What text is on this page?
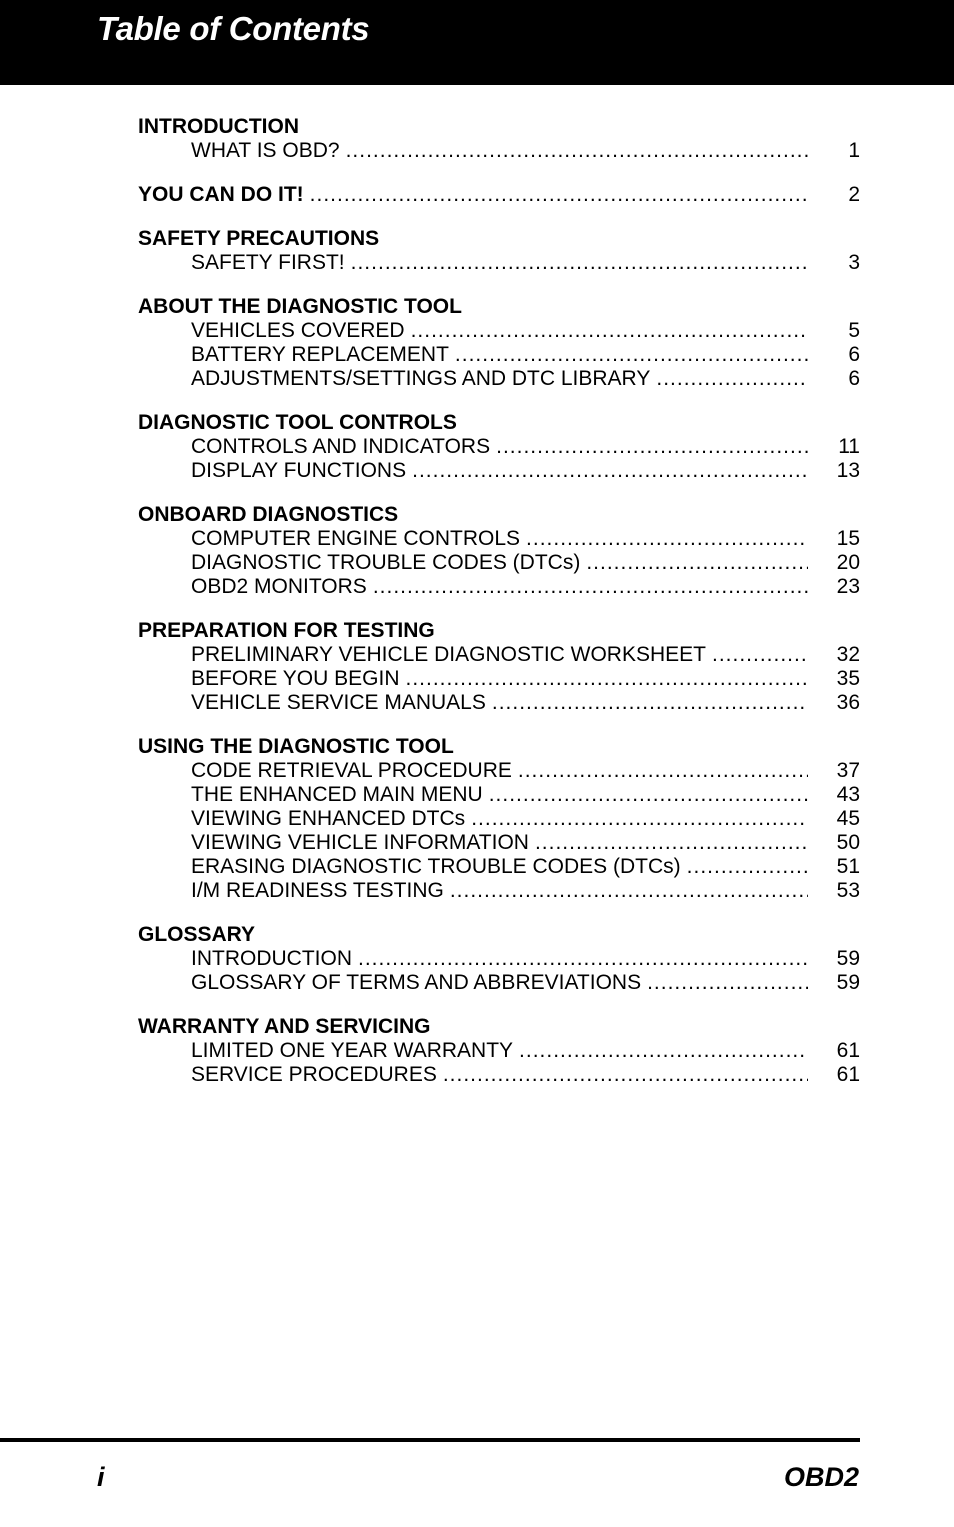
Table of Contents
INTRODUCTION
WHAT IS OBD? .....	1
YOU CAN DO IT! .....	2
SAFETY PRECAUTIONS
SAFETY FIRST! .....	3
ABOUT THE DIAGNOSTIC TOOL
VEHICLES COVERED .....	5
BATTERY REPLACEMENT .....	6
ADJUSTMENTS/SETTINGS AND DTC LIBRARY .....	6
DIAGNOSTIC TOOL CONTROLS
CONTROLS AND INDICATORS .....	11
DISPLAY FUNCTIONS .....	13
ONBOARD DIAGNOSTICS
COMPUTER ENGINE CONTROLS .....	15
DIAGNOSTIC TROUBLE CODES (DTCs) .....	20
OBD2 MONITORS .....	23
PREPARATION FOR TESTING
PRELIMINARY VEHICLE DIAGNOSTIC WORKSHEET .....	32
BEFORE YOU BEGIN .....	35
VEHICLE SERVICE MANUALS .....	36
USING THE DIAGNOSTIC TOOL
CODE RETRIEVAL PROCEDURE .....	37
THE ENHANCED MAIN MENU .....	43
VIEWING ENHANCED DTCs .....	45
VIEWING VEHICLE INFORMATION .....	50
ERASING DIAGNOSTIC TROUBLE CODES (DTCs) .....	51
I/M READINESS TESTING .....	53
GLOSSARY
INTRODUCTION .....	59
GLOSSARY OF TERMS AND ABBREVIATIONS .....	59
WARRANTY AND SERVICING
LIMITED ONE YEAR WARRANTY .....	61
SERVICE PROCEDURES .....	61
i	OBD2
